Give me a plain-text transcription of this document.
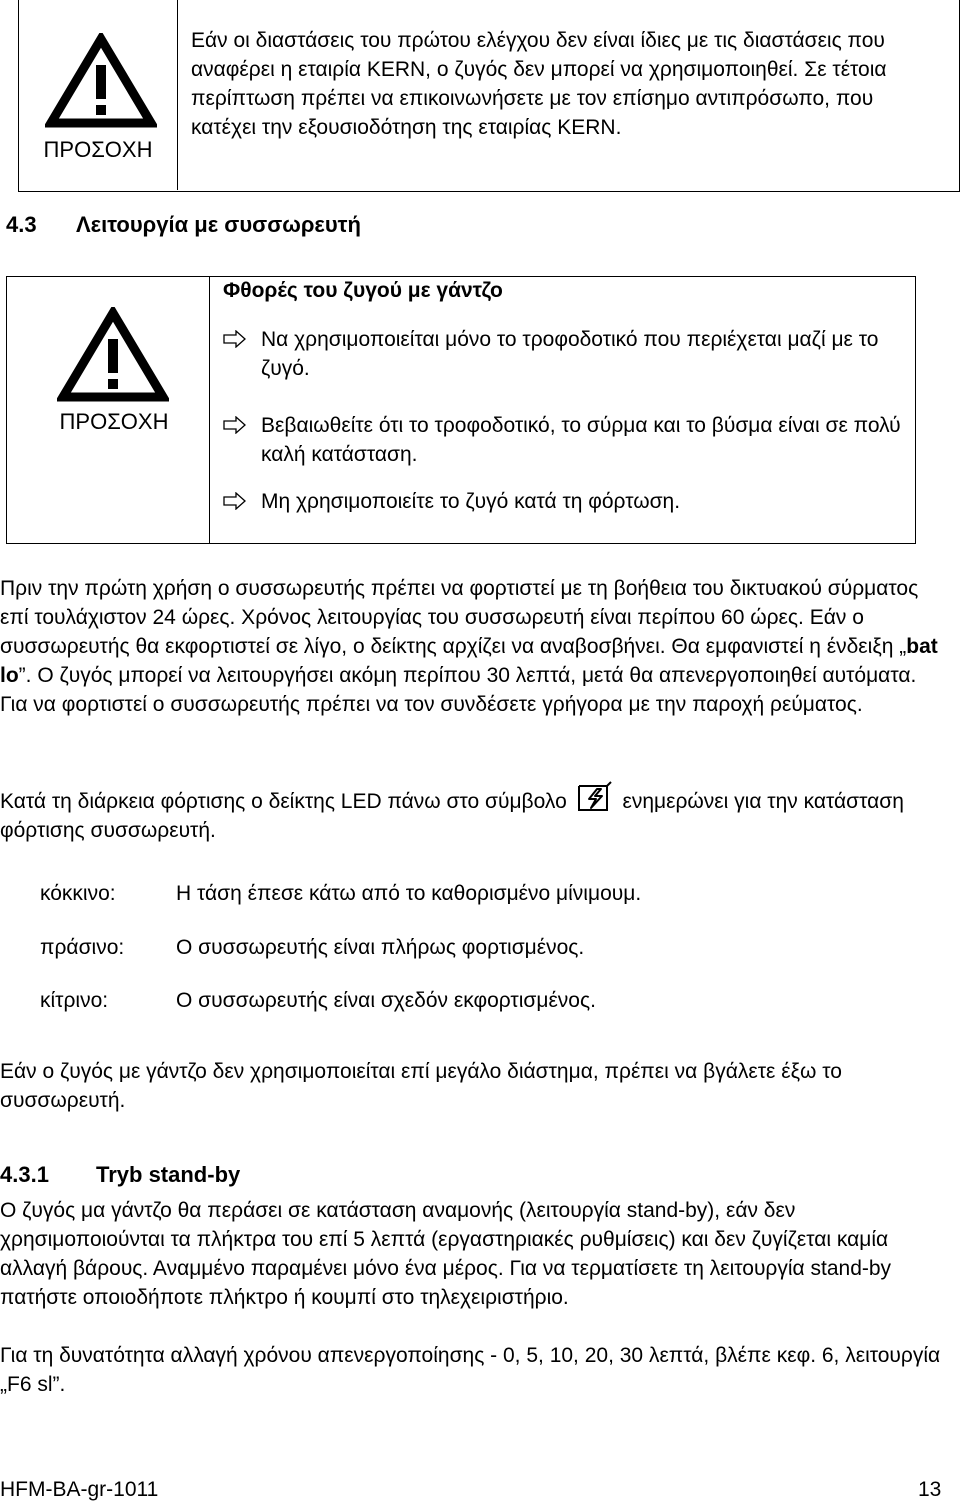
ΠΡΟΣΟΧΗ
Εάν οι διαστάσεις του πρώτου ελέγχου δεν είναι ίδιες με τις διαστάσεις που αναφέρει η εταιρία KERN, ο ζυγός δεν μπορεί να χρησιμοποιηθεί. Σε τέτοια περίπτωση πρέπει να επικοινωνήσετε με τον επίσημο αντιπρόσωπο, που κατέχει την εξουσιοδότηση της εταιρίας KERN.
4.3 Λειτουργία με συσσωρευτή
ΠΡΟΣΟΧΗ
Φθορές του ζυγού με γάντζο
Να χρησιμοποιείται μόνο το τροφοδοτικό που περιέχεται μαζί με το ζυγό.
Βεβαιωθείτε ότι το τροφοδοτικό, το σύρμα και το βύσμα είναι σε πολύ καλή κατάσταση.
Μη χρησιμοποιείτε το ζυγό κατά τη φόρτωση.
Πριν την πρώτη χρήση ο συσσωρευτής πρέπει να φορτιστεί με τη βοήθεια του δικτυακού σύρματος επί τουλάχιστον 24 ώρες. Χρόνος λειτουργίας του συσσωρευτή είναι περίπου 60 ώρες. Εάν ο συσσωρευτής θα εκφορτιστεί σε λίγο, ο δείκτης αρχίζει να αναβοσβήνει. Θα εμφανιστεί η ένδειξη „bat lo”. Ο ζυγός μπορεί να λειτουργήσει ακόμη περίπου 30 λεπτά, μετά θα απενεργοποιηθεί αυτόματα. Για να φορτιστεί ο συσσωρευτής πρέπει να τον συνδέσετε γρήγορα με την παροχή ρεύματος.
Κατά τη διάρκεια φόρτισης ο δείκτης LED πάνω στο σύμβολο	ενημερώνει για την κατάσταση φόρτισης συσσωρευτή.
κόκκινο:	Η τάση έπεσε κάτω από το καθορισμένο μίνιμουμ.
πράσινο: Ο συσσωρευτής είναι πλήρως φορτισμένος.
κίτρινο:	Ο συσσωρευτής είναι σχεδόν εκφορτισμένος.
Εάν ο ζυγός με γάντζο δεν χρησιμοποιείται επί μεγάλο διάστημα, πρέπει να βγάλετε έξω το συσσωρευτή.
4.3.1 Tryb stand-by
Ο ζυγός μα γάντζο θα περάσει σε κατάσταση αναμονής (λειτουργία stand-by), εάν δεν χρησιμοποιούνται τα πλήκτρα του επί 5 λεπτά (εργαστηριακές ρυθμίσεις) και δεν ζυγίζεται καμία αλλαγή βάρους. Αναμμένο παραμένει μόνο ένα μέρος. Για να τερματίσετε τη λειτουργία stand-by πατήστε οποιοδήποτε πλήκτρο ή κουμπί στο τηλεχειριστήριο.
Για τη δυνατότητα αλλαγή χρόνου απενεργοποίησης - 0, 5, 10, 20, 30 λεπτά, βλέπε κεφ. 6, λειτουργία „F6 sl”.
HFM-BA-gr-1011	13
